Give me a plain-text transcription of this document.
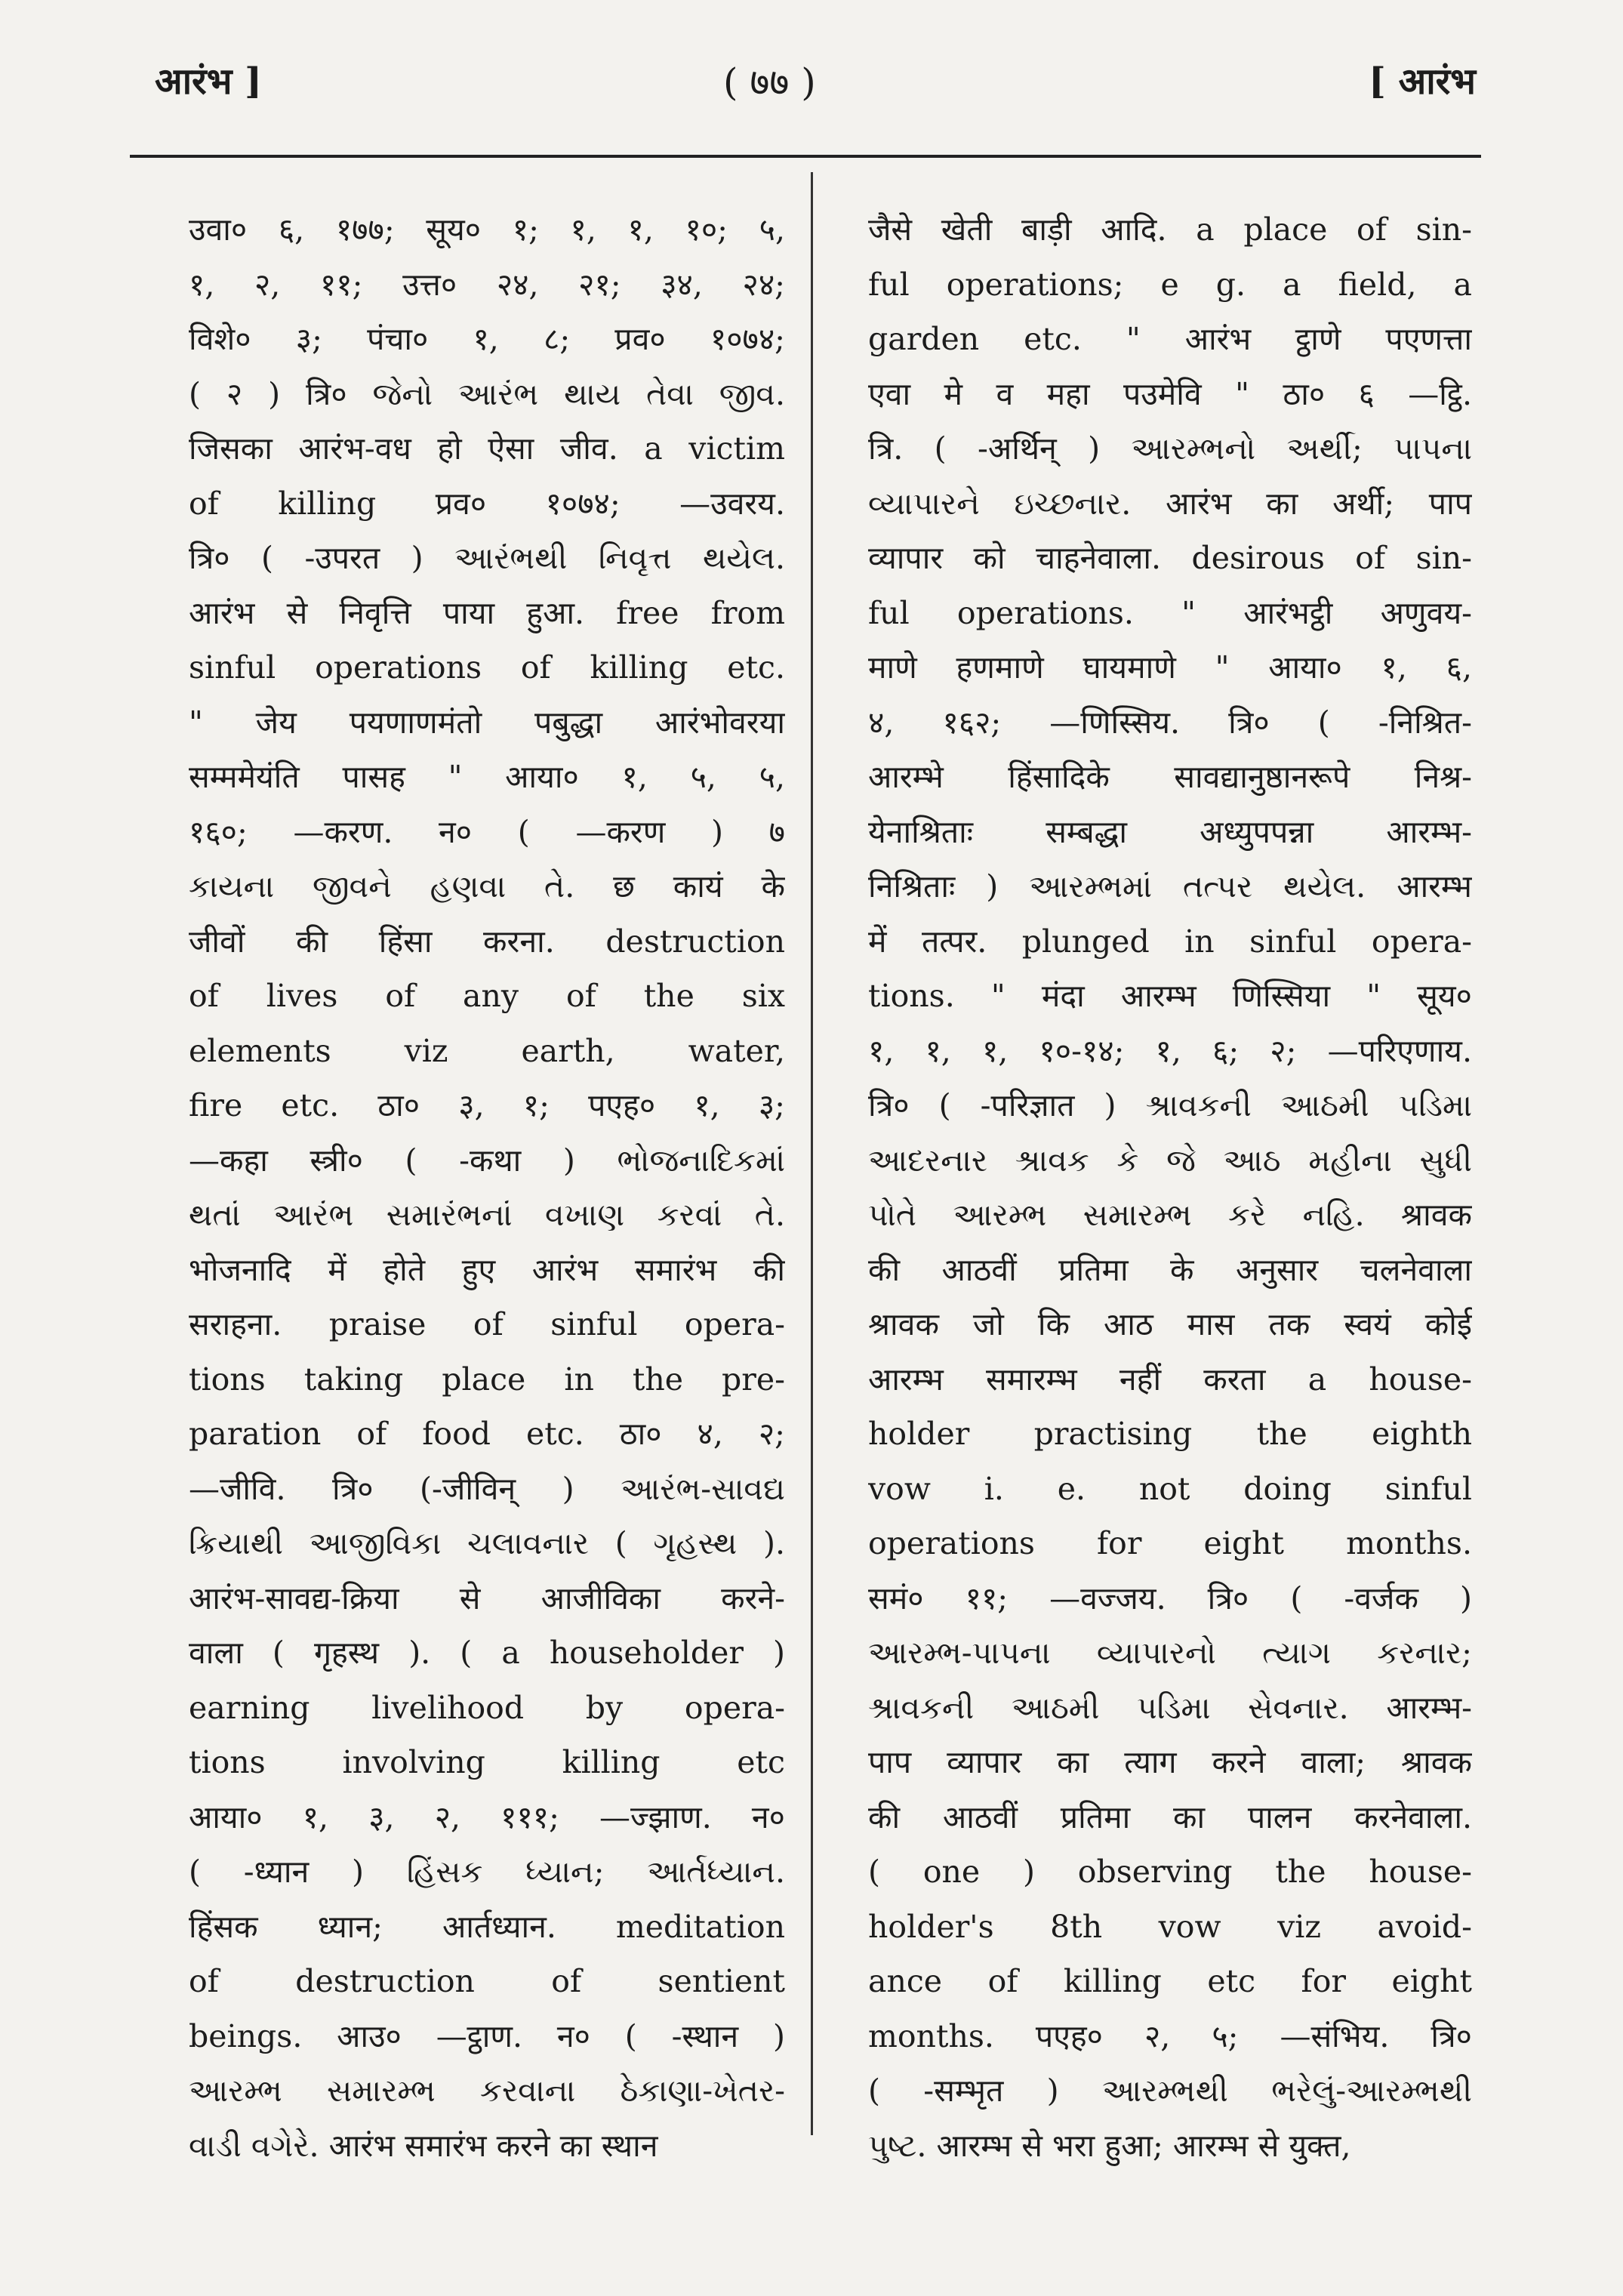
आरंभ ]	( ७७ )	[ आरंभ
उवा० ६, १७७; सूय० १; १, १, १०; ५,
१, २, ११; उत्त० २४, २१; ३४, २४;
विशे० ३; पंचा० १, ८; प्रव० १०७४;
( २ ) त्रि० જેનો આરંભ થાય તેવા જીવ.
जिसका आरंभ-वध हो ऐसा जीव. a victim
of killing प्रव० १०७४; —उवरय.
त्रि० ( -उपरत ) આરંભથી નિવૃત્ત થયેલ.
आरंभ से निवृत्ति पाया हुआ. free from
sinful operations of killing etc.
" जेय पयणाणमंतो पबुद्धा आरंभोवरया
सम्ममेयंति पासह " आया० १, ५, ५,
१६०; —करण. न० ( —करण ) ७
કાયના જીવને હણવા તે. छ कायं के
जीवों की हिंसा करना. destruction
of lives of any of the six
elements viz earth, water,
fire etc. ठा० ३, १; पएह० १, ३;
—कहा स्त्री० ( -कथा ) ભોજનાદિકમાં
થતાં આરંભ સમારંભનાં વખાણ કરવાં તે.
भोजनादि में होते हुए आरंभ समारंभ की
सराहना. praise of sinful opera-
tions taking place in the pre-
paration of food etc. ठा० ४, २;
—जीवि. त्रि० (-जीविन् ) આરંભ-સાવદ્ય
ક્રિયાથી આજીવિકા ચલાવનાર ( ગૃહસ્થ ).
आरंभ-सावद्य-क्रिया से आजीविका करने-
वाला ( गृहस्थ ). ( a householder )
earning livelihood by opera-
tions involving killing etc
आया० १, ३, २, १११; —ज्झाण. न०
( -ध्यान ) હિંસક ધ્યાન; આર્તધ્યાન.
हिंसक ध्यान; आर्तध्यान. meditation
of destruction of sentient
beings. आउ० —ट्ठाण. न० ( -स्थान )
આરમ્ભ સમારમ્ભ કરવાના ઠેકાણા-ખેતર-
વાડી વગેરે. आरंभ समारंभ करने का स्थान
जैसे खेती बाड़ी आदि. a place of sin-
ful operations; e g. a field, a
garden etc. " आरंभ ट्ठाणे पएणत्ता
एवा मे व महा पउमेवि " ठा० ६ —ट्ठि.
त्रि. ( -अर्थिन् ) આરમ્ભનો અર્થી; પાપના
વ્યાપારને ઇચ્છનાર. आरंभ का अर्थी; पाप
व्यापार को चाहनेवाला. desirous of sin-
ful operations. " आरंभट्ठी अणुवय-
माणे हणमाणे घायमाणे " आया० १, ६,
४, १६२; —णिस्सिय. त्रि० ( -निश्रित-
आरम्भे हिंसादिके सावद्यानुष्ठानरूपे निश्र-
येनाश्रिताः सम्बद्धा अध्युपपन्ना आरम्भ-
निश्रिताः ) આરમ્ભમાં તત્પર થયેલ. आरम्भ
में तत्पर. plunged in sinful opera-
tions. " मंदा आरम्भ णिस्सिया " सूय०
१, १, १, १०-१४; १, ६; २; —परिएणाय.
त्रि० ( -परिज्ञात ) શ્રાવકની આઠમી પડિમા
આદરનાર શ્રાવક કે જે આઠ મહીના સુધી
પોતે આરમ્ભ સમારમ્ભ કરે નહિ. श्रावक
की आठवीं प्रतिमा के अनुसार चलनेवाला
श्रावक जो कि आठ मास तक स्वयं कोई
आरम्भ समारम्भ नहीं करता a house-
holder practising the eighth
vow i. e. not doing sinful
operations for eight months.
समं० ११; —वज्जय. त्रि० ( -वर्जक )
આરમ્ભ-પાપના વ્યાપારનો ત્યાગ કરનાર;
શ્રાવકની આઠમી પડિમા સેવનાર. आरम्भ-
पाप व्यापार का त्याग करने वाला; श्रावक
की आठवीं प्रतिमा का पालन करनेवाला.
( one ) observing the house-
holder's 8th vow viz avoid-
ance of killing etc for eight
months. पएह० २, ५; —संभिय. त्रि०
( -सम्भृत ) આરમ્ભથી ભરેલું-આરમ્ભથી
પુષ્ટ. आरम्भ से भरा हुआ; आरम्भ से युक्त,
